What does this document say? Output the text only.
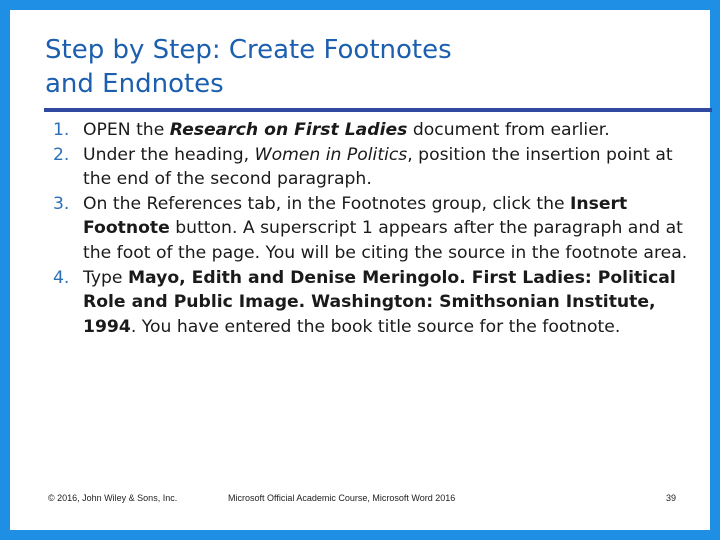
Step by Step: Create Footnotes
and Endnotes
1. OPEN the Research on First Ladies document from earlier.
2. Under the heading, Women in Politics, position the insertion point at the end of the second paragraph.
3. On the References tab, in the Footnotes group, click the Insert Footnote button. A superscript 1 appears after the paragraph and at the foot of the page. You will be citing the source in the footnote area.
4. Type Mayo, Edith and Denise Meringolo. First Ladies: Political Role and Public Image. Washington: Smithsonian Institute, 1994. You have entered the book title source for the footnote.
© 2016, John Wiley & Sons, Inc.	Microsoft Official Academic Course, Microsoft Word 2016	39
